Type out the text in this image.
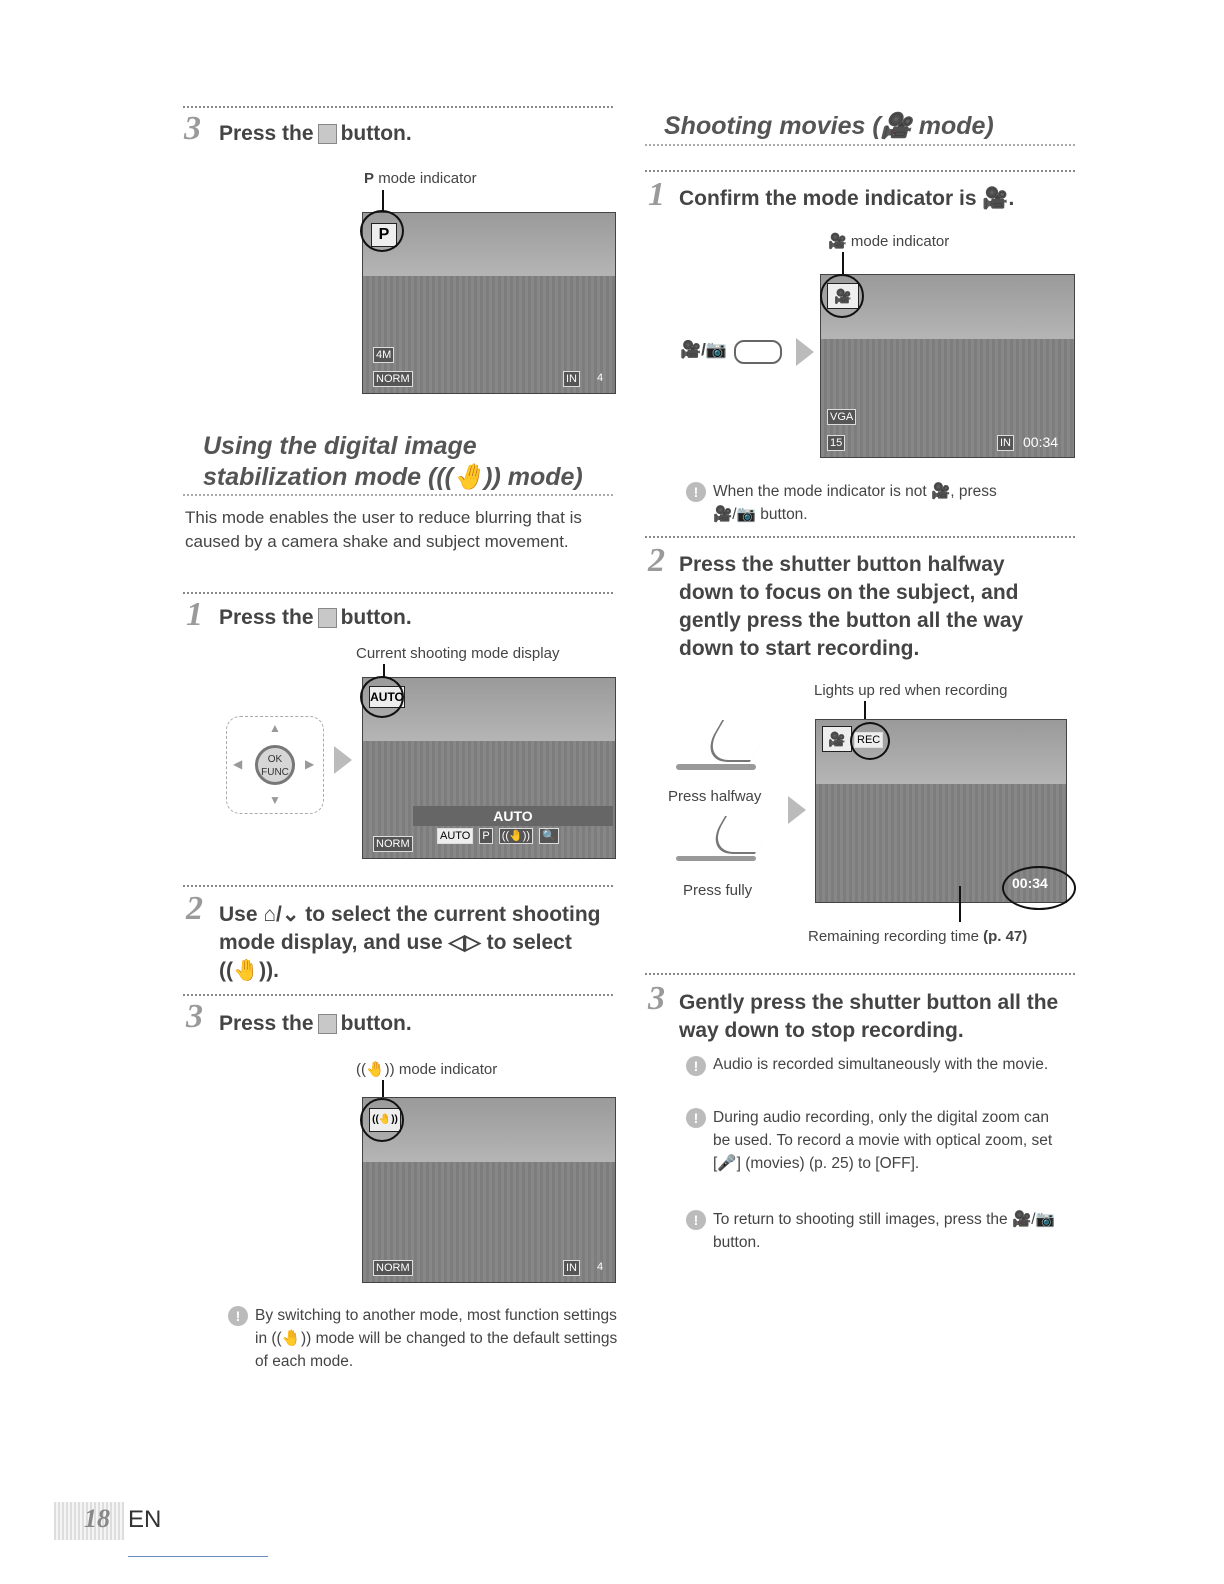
3 Press the button.
P mode indicator
P
4M
NORM	IN 4
Using the digital image
stabilization mode (((🤚)) mode)
This mode enables the user to reduce blurring that is caused by a camera shake and subject movement.
1 Press the button.
Current shooting mode display
OK
FUNC
▲
▼
◀	▶
AUTO
AUTO
AUTO P ((🤚)) 🔍
NORM
2 Use ⌂/⌄ to select the current shooting mode display, and use ◁▷ to select ((🤚)).
3 Press the button.
((🤚)) mode indicator
((🤚))
NORM	IN 4
! By switching to another mode, most function settings in ((🤚)) mode will be changed to the default settings of each mode.
Shooting movies (🎥 mode)
1 Confirm the mode indicator is 🎥.
🎥 mode indicator
🎥/📷
🎥
VGA
15	IN 00:34
! When the mode indicator is not 🎥, press
🎥/📷 button.
2 Press the shutter button halfway down to focus on the subject, and gently press the button all the way down to start recording.
Lights up red when recording
Press halfway
Press fully
🎥	REC
00:34
Remaining recording time (p. 47)
3 Gently press the shutter button all the way down to stop recording.
! Audio is recorded simultaneously with the movie.
! During audio recording, only the digital zoom can be used. To record a movie with optical zoom, set [🎤] (movies) (p. 25) to [OFF].
! To return to shooting still images, press the 🎥/📷 button.
18 EN
